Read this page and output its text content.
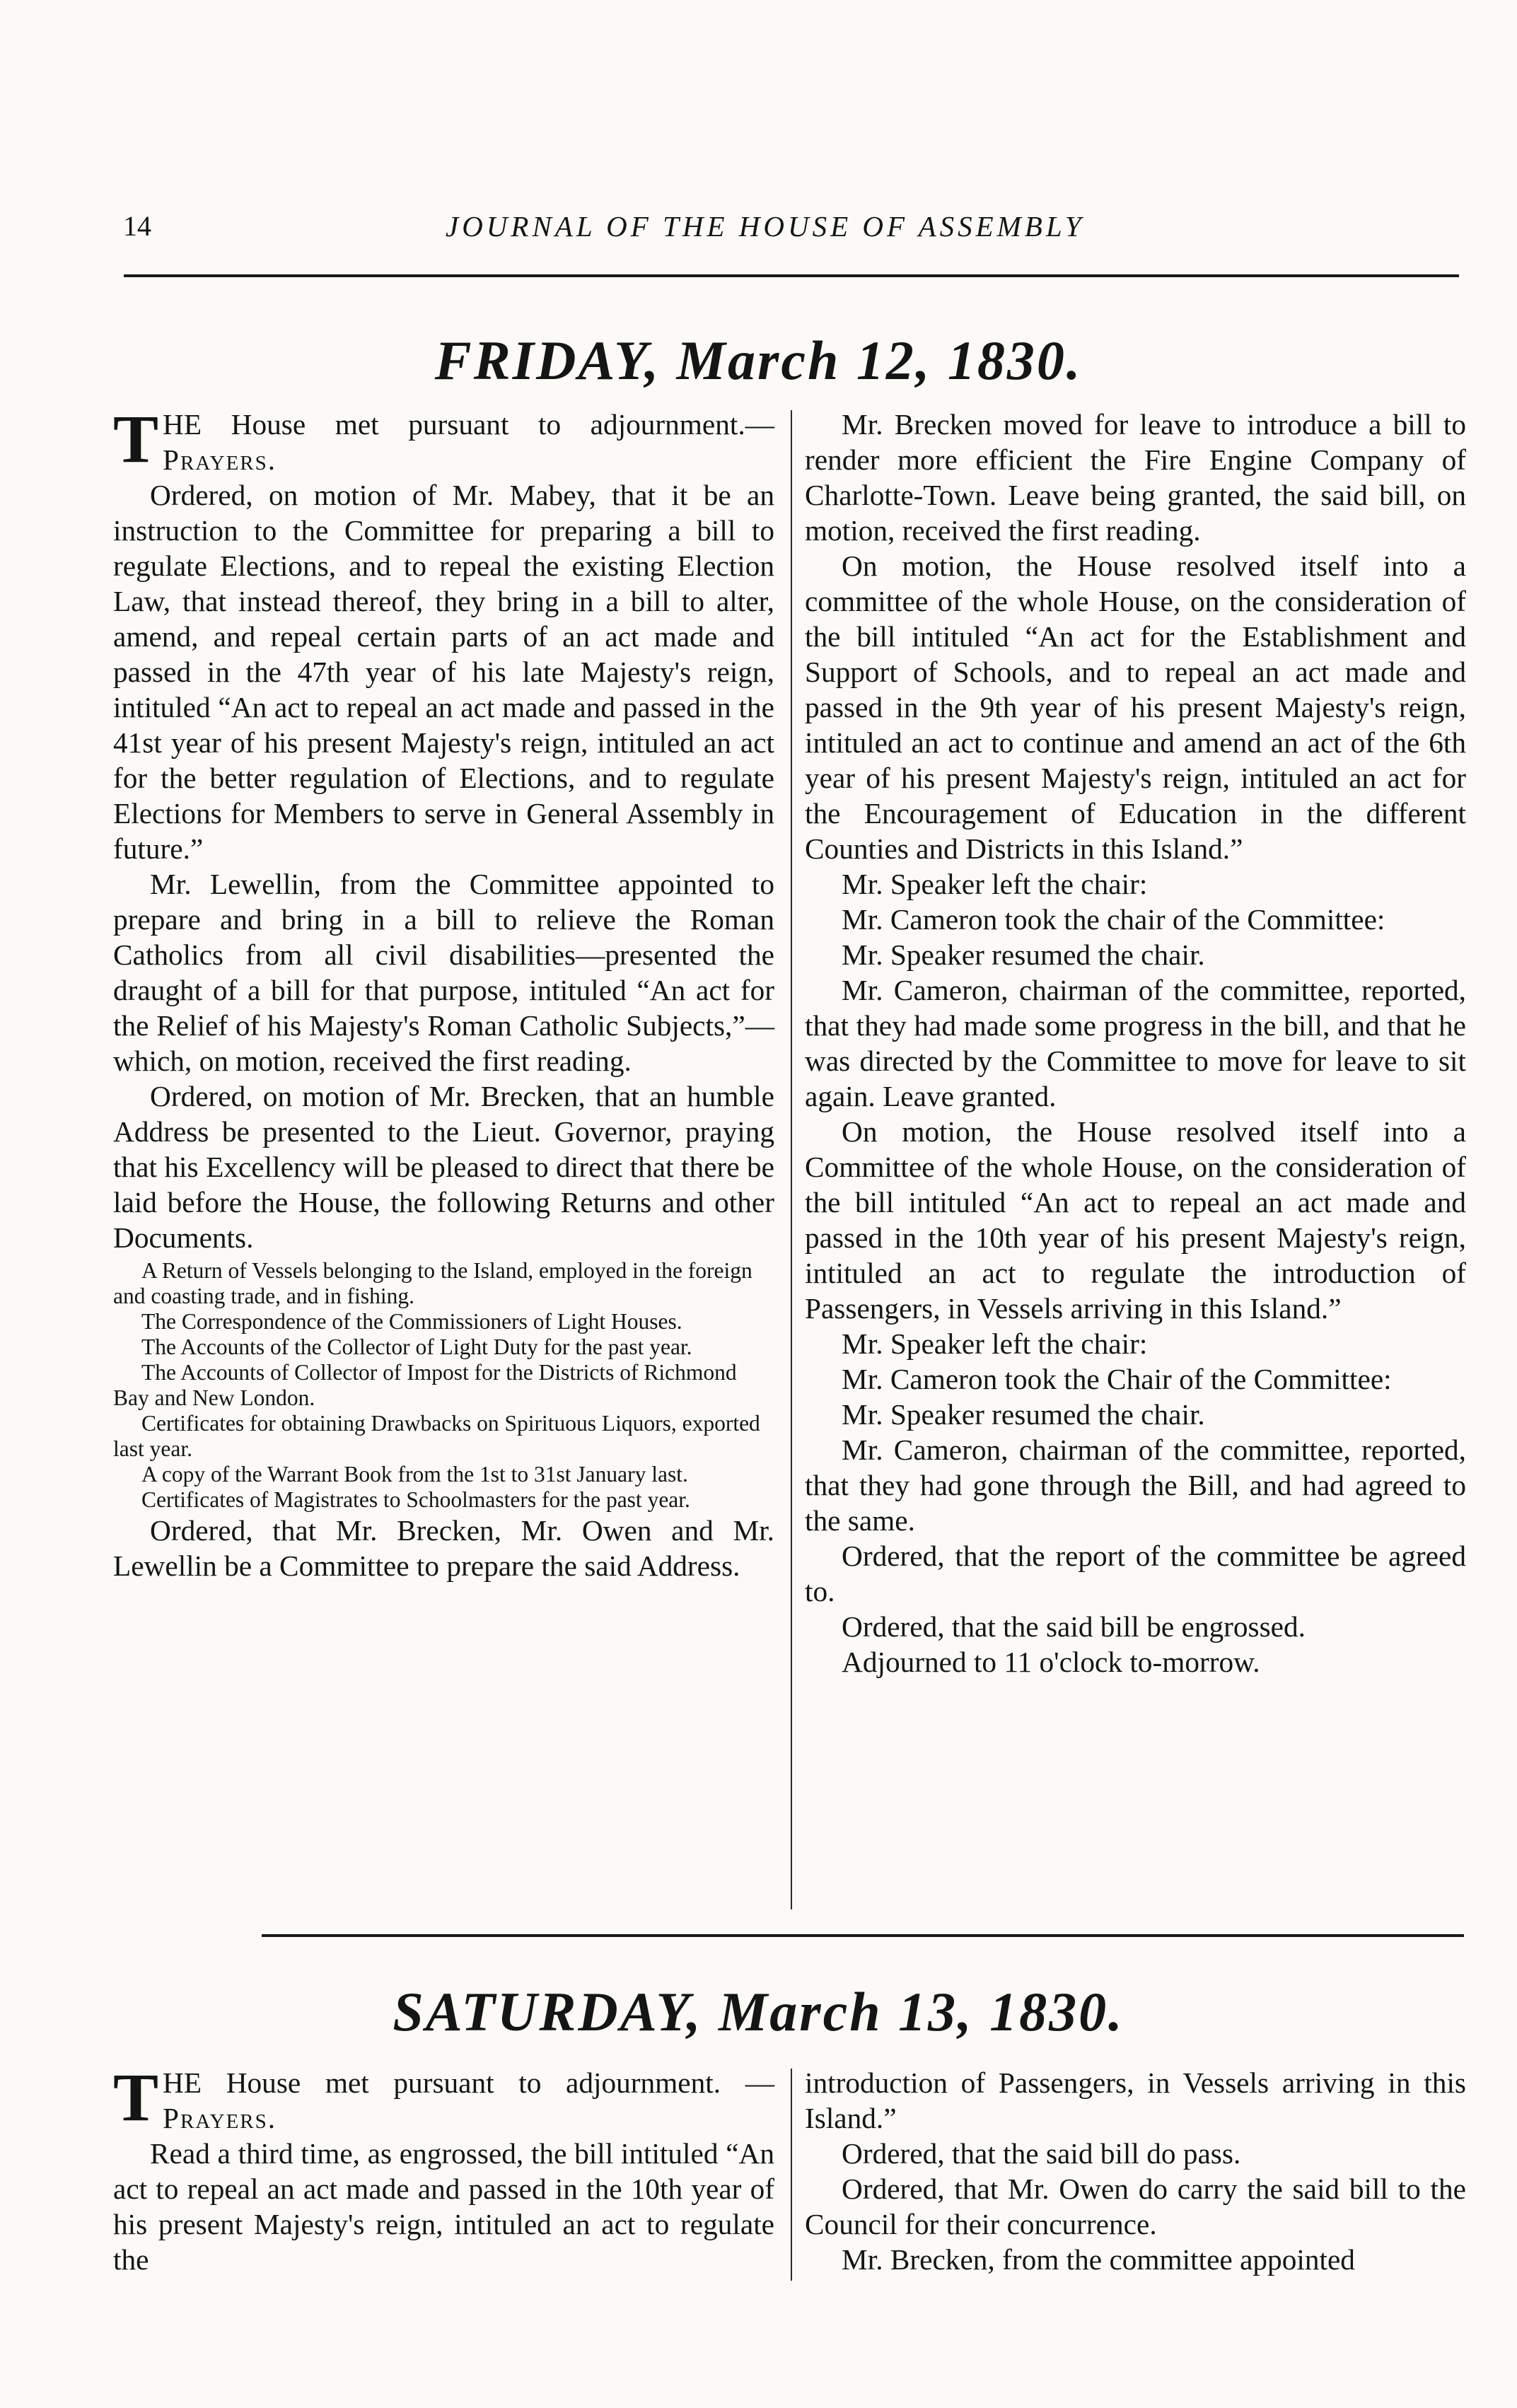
14	JOURNAL OF THE HOUSE OF ASSEMBLY
FRIDAY, March 12, 1830.

THE House met pursuant to adjournment.—Prayers.

Ordered, on motion of Mr. Mabey, that it be an instruction to the Committee for preparing a bill to regulate Elections, and to repeal the existing Election Law, that instead thereof, they bring in a bill to alter, amend, and repeal certain parts of an act made and passed in the 47th year of his late Majesty's reign, intituled “An act to repeal an act made and passed in the 41st year of his present Majesty's reign, intituled an act for the better regulation of Elections, and to regulate Elections for Members to serve in General Assembly in future.”

Mr. Lewellin, from the Committee appointed to prepare and bring in a bill to relieve the Roman Catholics from all civil disabilities—presented the draught of a bill for that purpose, intituled “An act for the Relief of his Majesty's Roman Catholic Subjects,”—which, on motion, received the first reading.

Ordered, on motion of Mr. Brecken, that an humble Address be presented to the Lieut. Governor, praying that his Excellency will be pleased to direct that there be laid before the House, the following Returns and other Documents.

A Return of Vessels belonging to the Island, employed in the foreign and coasting trade, and in fishing.

The Correspondence of the Commissioners of Light Houses.

The Accounts of the Collector of Light Duty for the past year.

The Accounts of Collector of Impost for the Districts of Richmond Bay and New London.

Certificates for obtaining Drawbacks on Spirituous Liquors, exported last year.

A copy of the Warrant Book from the 1st to 31st January last.

Certificates of Magistrates to Schoolmasters for the past year.

Ordered, that Mr. Brecken, Mr. Owen and Mr. Lewellin be a Committee to prepare the said Address.

Mr. Brecken moved for leave to introduce a bill to render more efficient the Fire Engine Company of Charlotte-Town. Leave being granted, the said bill, on motion, received the first reading.

On motion, the House resolved itself into a committee of the whole House, on the consideration of the bill intituled “An act for the Establishment and Support of Schools, and to repeal an act made and passed in the 9th year of his present Majesty's reign, intituled an act to continue and amend an act of the 6th year of his present Majesty's reign, intituled an act for the Encouragement of Education in the different Counties and Districts in this Island.”

Mr. Speaker left the chair:

Mr. Cameron took the chair of the Committee:

Mr. Speaker resumed the chair.

Mr. Cameron, chairman of the committee, reported, that they had made some progress in the bill, and that he was directed by the Committee to move for leave to sit again. Leave granted.

On motion, the House resolved itself into a Committee of the whole House, on the consideration of the bill intituled “An act to repeal an act made and passed in the 10th year of his present Majesty's reign, intituled an act to regulate the introduction of Passengers, in Vessels arriving in this Island.”

Mr. Speaker left the chair:

Mr. Cameron took the Chair of the Committee:

Mr. Speaker resumed the chair.

Mr. Cameron, chairman of the committee, reported, that they had gone through the Bill, and had agreed to the same.

Ordered, that the report of the committee be agreed to.

Ordered, that the said bill be engrossed.

Adjourned to 11 o'clock to-morrow.

SATURDAY, March 13, 1830.

THE House met pursuant to adjournment. —Prayers.

Read a third time, as engrossed, the bill intituled “An act to repeal an act made and passed in the 10th year of his present Majesty's reign, intituled an act to regulate the

introduction of Passengers, in Vessels arriving in this Island.”

Ordered, that the said bill do pass.

Ordered, that Mr. Owen do carry the said bill to the Council for their concurrence.

Mr. Brecken, from the committee appointed
